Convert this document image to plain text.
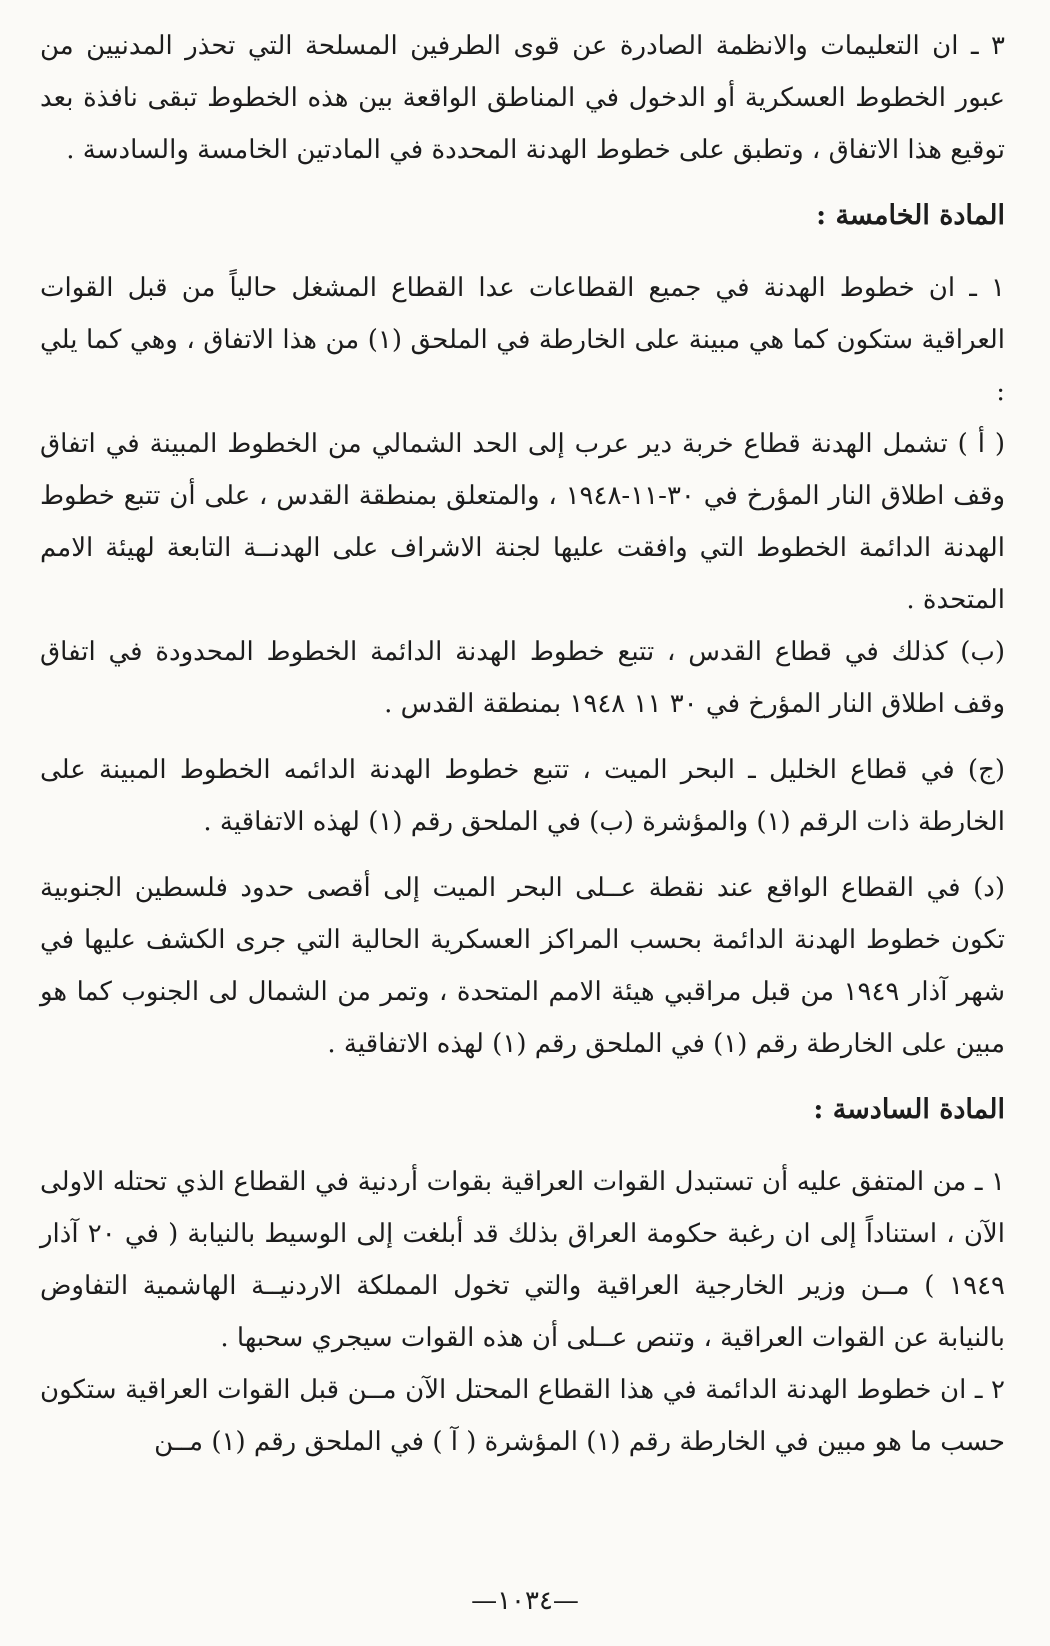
٣ ـ ان التعليمات والانظمة الصادرة عن قوى الطرفين المسلحة التي تحذر المدنيين من عبور الخطوط العسكرية أو الدخول في المناطق الواقعة بين هذه الخطوط تبقى نافذة بعد توقيع هذا الاتفاق ، وتطبق على خطوط الهدنة المحددة في المادتين الخامسة والسادسة .

المادة الخامسة :

١ ـ ان خطوط الهدنة في جميع القطاعات عدا القطاع المشغل حالياً من قبل القوات العراقية ستكون كما هي مبينة على الخارطة في الملحق (١) من هذا الاتفاق ، وهي كما يلي :

( أ ) تشمل الهدنة قطاع خربة دير عرب إلى الحد الشمالي من الخطوط المبينة في اتفاق وقف اطلاق النار المؤرخ في ٣٠-١١-١٩٤٨ ، والمتعلق بمنطقة القدس ، على أن تتبع خطوط الهدنة الدائمة الخطوط التي وافقت عليها لجنة الاشراف على الهدنــة التابعة لهيئة الامم المتحدة .

(ب) كذلك في قطاع القدس ، تتبع خطوط الهدنة الدائمة الخطوط المحدودة في اتفاق وقف اطلاق النار المؤرخ في ٣٠ ١١ ١٩٤٨ بمنطقة القدس .

(ج) في قطاع الخليل ـ البحر الميت ، تتبع خطوط الهدنة الدائمه الخطوط المبينة على الخارطة ذات الرقم (١) والمؤشرة (ب) في الملحق رقم (١) لهذه الاتفاقية .

(د) في القطاع الواقع عند نقطة عــلى البحر الميت إلى أقصى حدود فلسطين الجنوبية تكون خطوط الهدنة الدائمة بحسب المراكز العسكرية الحالية التي جرى الكشف عليها في شهر آذار ١٩٤٩ من قبل مراقبي هيئة الامم المتحدة ، وتمر من الشمال لى الجنوب كما هو مبين على الخارطة رقم (١) في الملحق رقم (١) لهذه الاتفاقية .

المادة السادسة :

١ ـ من المتفق عليه أن تستبدل القوات العراقية بقوات أردنية في القطاع الذي تحتله الاولى الآن ، استناداً إلى ان رغبة حكومة العراق بذلك قد أبلغت إلى الوسيط بالنيابة ( في ٢٠ آذار ١٩٤٩ ) مــن وزير الخارجية العراقية والتي تخول المملكة الاردنيــة الهاشمية التفاوض بالنيابة عن القوات العراقية ، وتنص عــلى أن هذه القوات سيجري سحبها .

٢ ـ ان خطوط الهدنة الدائمة في هذا القطاع المحتل الآن مــن قبل القوات العراقية ستكون حسب ما هو مبين في الخارطة رقم (١) المؤشرة ( آ ) في الملحق رقم (١) مــن

—١٠٣٤—
